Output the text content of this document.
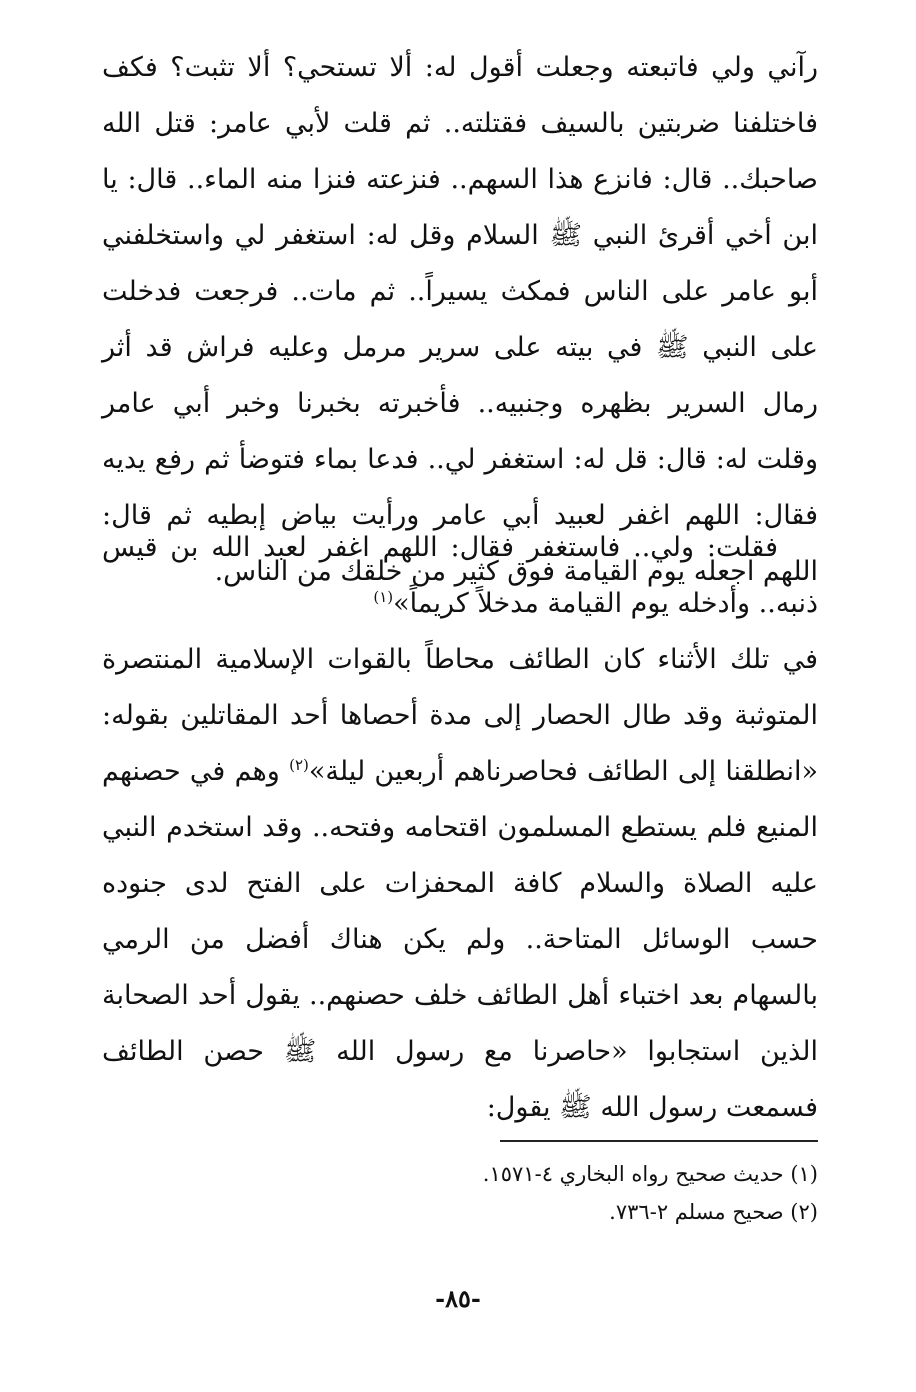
رآني ولي فاتبعته وجعلت أقول له: ألا تستحي؟ ألا تثبت؟ فكف فاختلفنا ضربتين بالسيف فقتلته.. ثم قلت لأبي عامر: قتل الله صاحبك.. قال: فانزع هذا السهم.. فنزعته فنزا منه الماء.. قال: يا ابن أخي أقرئ النبي ﷺ السلام وقل له: استغفر لي واستخلفني أبو عامر على الناس فمكث يسيراً.. ثم مات.. فرجعت فدخلت على النبي ﷺ في بيته على سرير مرمل وعليه فراش قد أثر رمال السرير بظهره وجنبيه.. فأخبرته بخبرنا وخبر أبي عامر وقلت له: قال: قل له: استغفر لي.. فدعا بماء فتوضأ ثم رفع يديه فقال: اللهم اغفر لعبيد أبي عامر ورأيت بياض إبطيه ثم قال: اللهم اجعله يوم القيامة فوق كثير من خلقك من الناس.

فقلت: ولي.. فاستغفر فقال: اللهم اغفر لعبد الله بن قيس ذنبه.. وأدخله يوم القيامة مدخلاً كريماً»$^{(١)}$

في تلك الأثناء كان الطائف محاطاً بالقوات الإسلامية المنتصرة المتوثبة وقد طال الحصار إلى مدة أحصاها أحد المقاتلين بقوله: «انطلقنا إلى الطائف فحاصرناهم أربعين ليلة»$^{(٢)}$ وهم في حصنهم المنيع فلم يستطع المسلمون اقتحامه وفتحه.. وقد استخدم النبي عليه الصلاة والسلام كافة المحفزات على الفتح لدى جنوده حسب الوسائل المتاحة.. ولم يكن هناك أفضل من الرمي بالسهام بعد اختباء أهل الطائف خلف حصنهم.. يقول أحد الصحابة الذين استجابوا «حاصرنا مع رسول الله ﷺ حصن الطائف فسمعت رسول الله ﷺ يقول:

(١) حديث صحيح رواه البخاري ٤-١٥٧١.

(٢) صحيح مسلم ٢-٧٣٦.

-٨٥-
